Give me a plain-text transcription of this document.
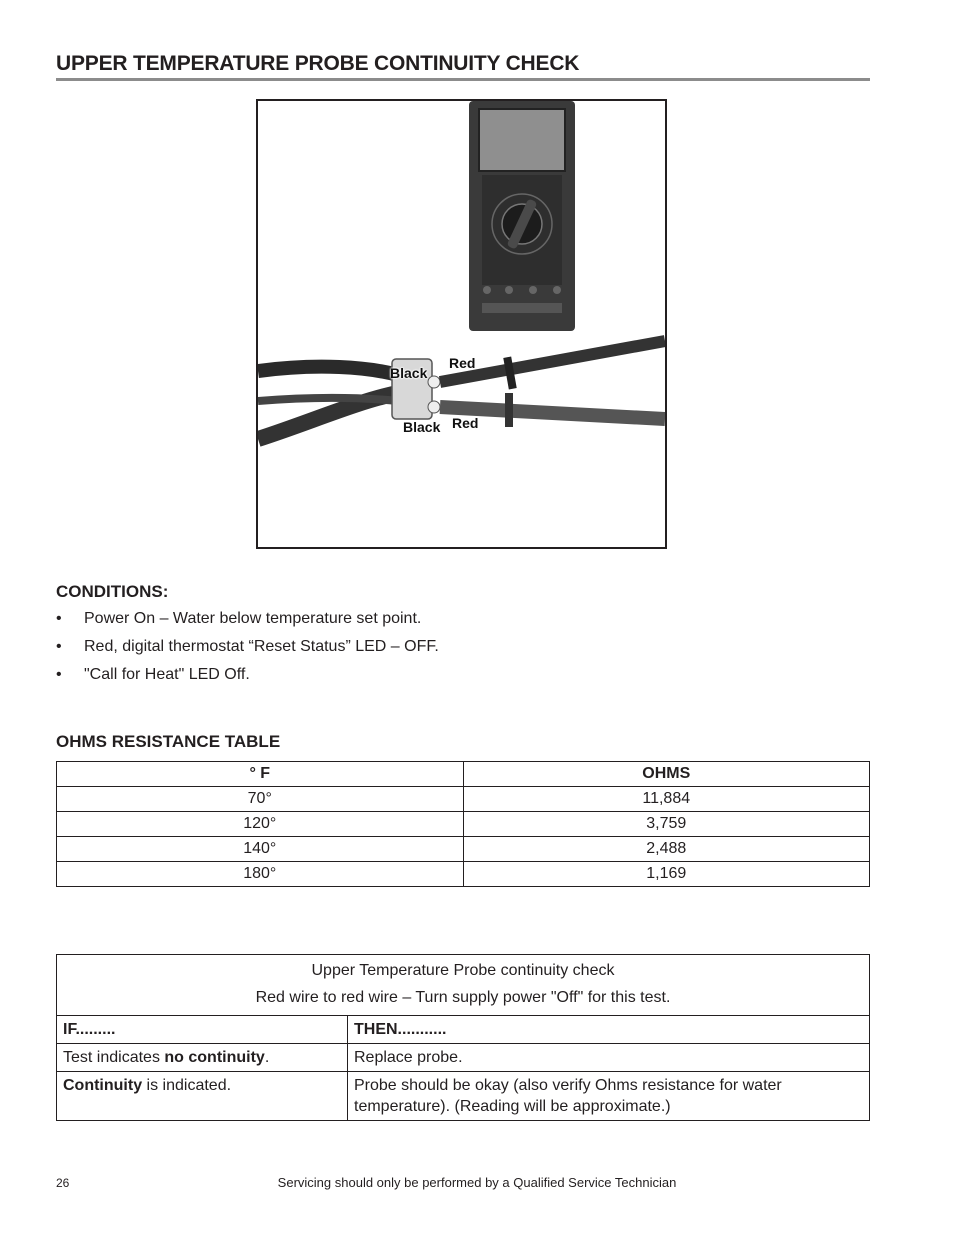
UPPER TEMPERATURE PROBE CONTINUITY CHECK
Black
Red
Black Red
CONDITIONS:
• Power On – Water below temperature set point.
• Red, digital thermostat “Reset Status” LED – OFF.
• "Call for Heat" LED Off.
OHMS RESISTANCE TABLE
° F	OHMS
70°	11,884
120°	3,759
140°	2,488
180°	1,169
Upper Temperature Probe continuity check
Red wire to red wire – Turn supply power "Off" for this test.	

IF.........	THEN...........
Test indicates no continuity.	Replace probe.
Continuity is indicated.	Probe should be okay (also verify Ohms resistance for water temperature). (Reading will be approximate.)
26	Servicing should only be performed by a Qualified Service Technician
